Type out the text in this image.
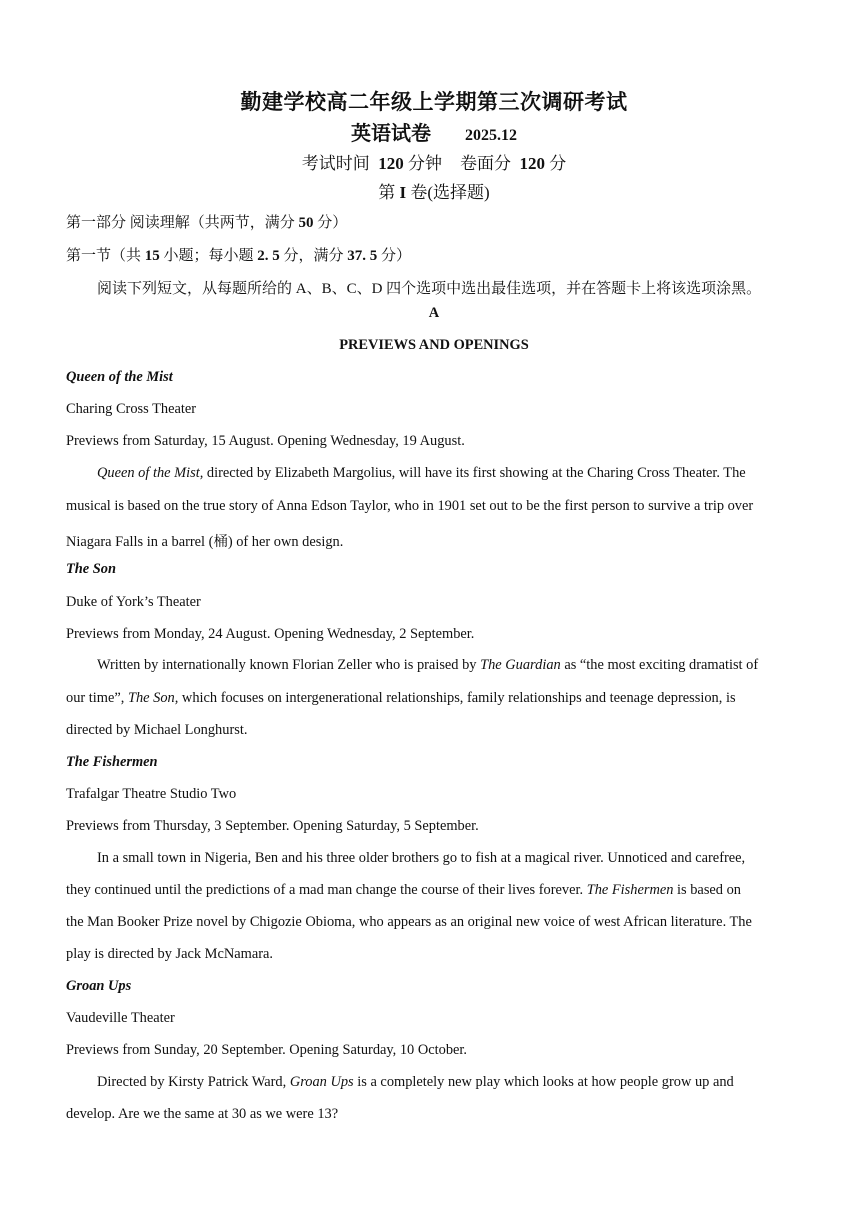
勤建学校高二年级上学期第三次调研考试
英语试卷 2025.12
考试时间 120 分钟 卷面分 120 分
第 I 卷(选择题)
第一部分 阅读理解（共两节，满分 50 分）
第一节（共 15 小题；每小题 2. 5 分，满分 37. 5 分）
阅读下列短文，从每题所给的 A、B、C、D 四个选项中选出最佳选项，并在答题卡上将该选项涂黑。
A
PREVIEWS AND OPENINGS
Queen of the Mist
Charing Cross Theater
Previews from Saturday, 15 August. Opening Wednesday, 19 August.
Queen of the Mist, directed by Elizabeth Margolius, will have its first showing at the Charing Cross Theater. The
musical is based on the true story of Anna Edson Taylor, who in 1901 set out to be the first person to survive a trip over
Niagara Falls in a barrel (桶) of her own design.
The Son
Duke of York’s Theater
Previews from Monday, 24 August. Opening Wednesday, 2 September.
Written by internationally known Florian Zeller who is praised by The Guardian as “the most exciting dramatist of
our time”, The Son, which focuses on intergenerational relationships, family relationships and teenage depression, is
directed by Michael Longhurst.
The Fishermen
Trafalgar Theatre Studio Two
Previews from Thursday, 3 September. Opening Saturday, 5 September.
In a small town in Nigeria, Ben and his three older brothers go to fish at a magical river. Unnoticed and carefree,
they continued until the predictions of a mad man change the course of their lives forever. The Fishermen is based on
the Man Booker Prize novel by Chigozie Obioma, who appears as an original new voice of west African literature. The
play is directed by Jack McNamara.
Groan Ups
Vaudeville Theater
Previews from Sunday, 20 September. Opening Saturday, 10 October.
Directed by Kirsty Patrick Ward, Groan Ups is a completely new play which looks at how people grow up and
develop. Are we the same at 30 as we were 13?
